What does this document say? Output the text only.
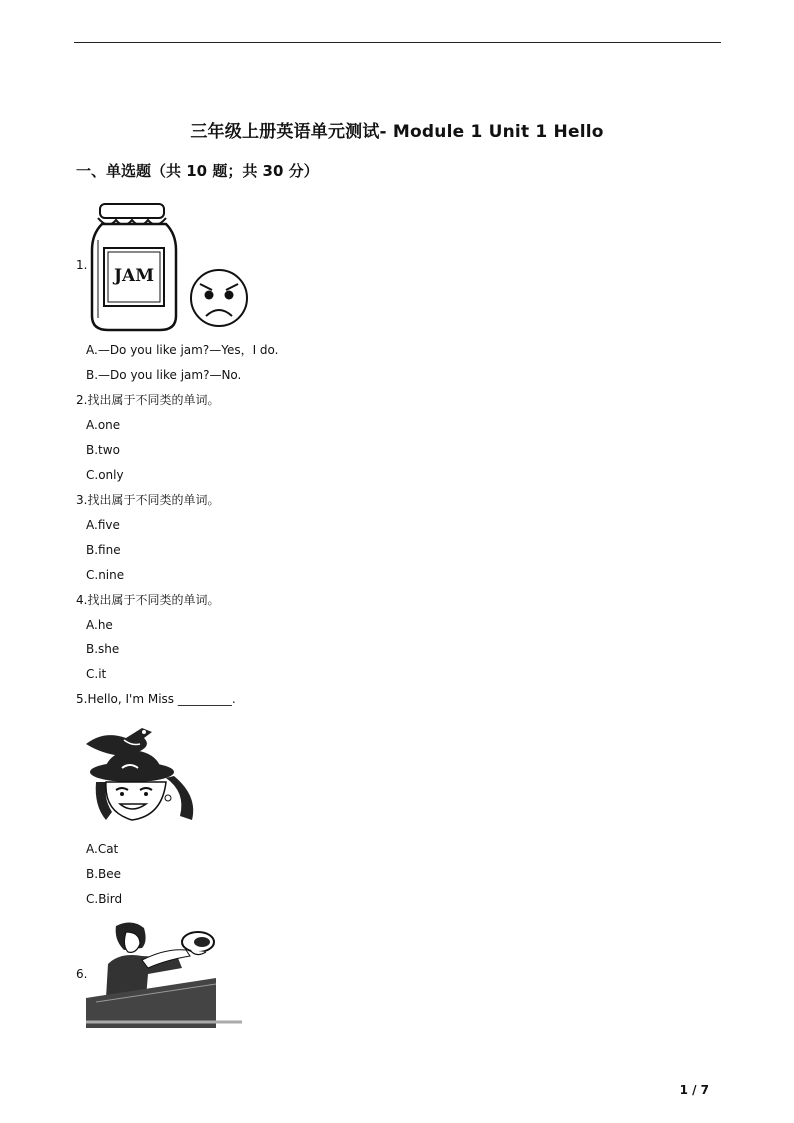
三年级上册英语单元测试- Module 1 Unit 1 Hello
一、单选题（共 10 题；共 30 分）
1.
JAM
A.—Do you like jam?—Yes，I do.
B.—Do you like jam?—No.
2.找出属于不同类的单词。
A.one
B.two
C.only
3.找出属于不同类的单词。
A.five
B.fine
C.nine
4.找出属于不同类的单词。
A.he
B.she
C.it
5.Hello, I'm Miss _________.
A.Cat
B.Bee
C.Bird
6.
1 / 7
